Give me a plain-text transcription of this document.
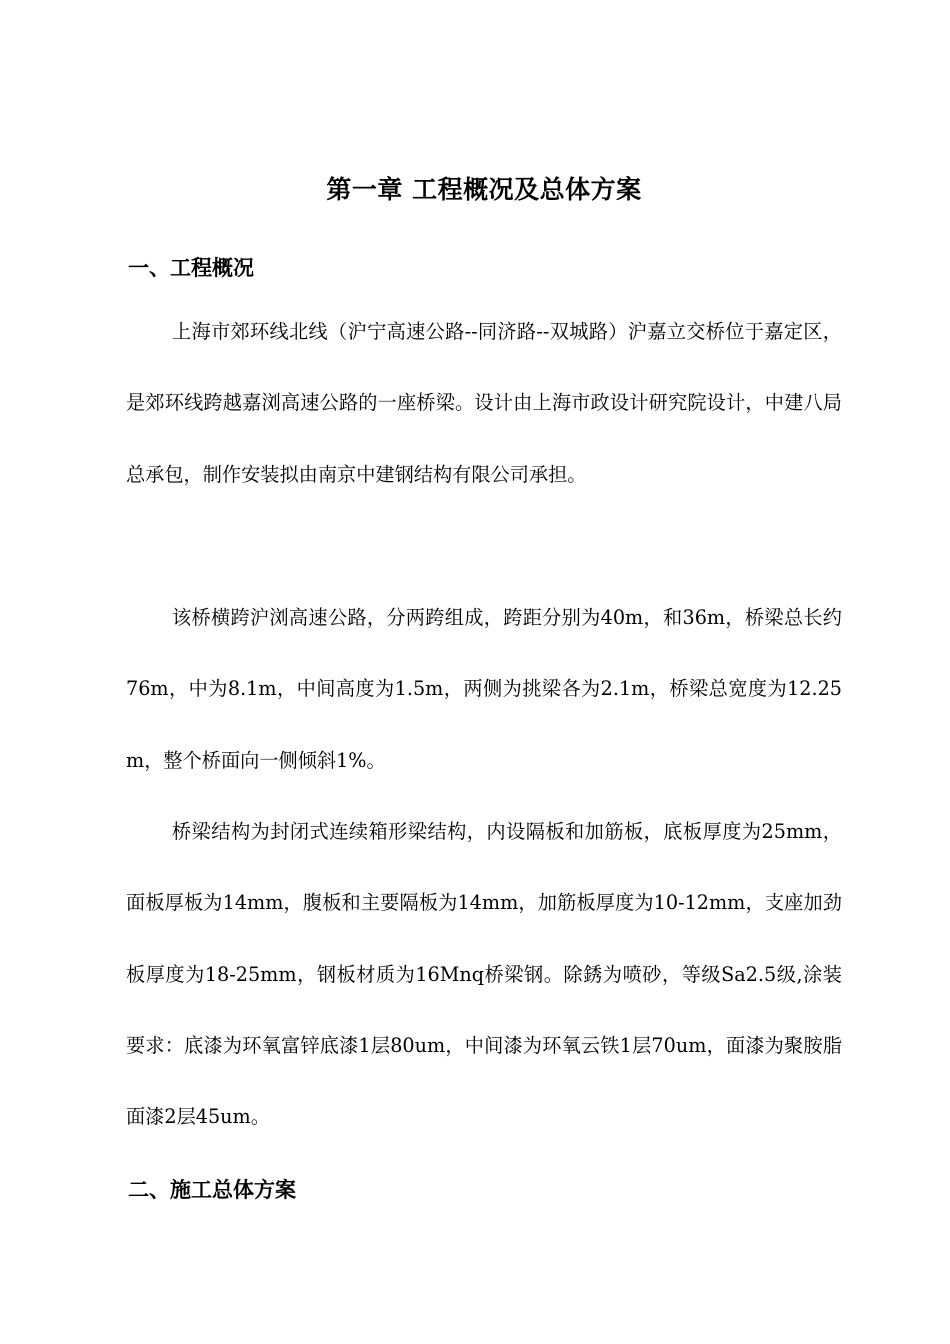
第一章 工程概况及总体方案
一、工程概况
上海市郊环线北线（沪宁高速公路--同济路--双城路）沪嘉立交桥位于嘉定区，是郊环线跨越嘉浏高速公路的一座桥梁。设计由上海市政设计研究院设计，中建八局总承包，制作安装拟由南京中建钢结构有限公司承担。
该桥横跨沪浏高速公路，分两跨组成，跨距分别为40m，和36m，桥梁总长约76m，中为8.1m，中间高度为1.5m，两侧为挑梁各为2.1m，桥梁总宽度为12.25m，整个桥面向一侧倾斜1%。
桥梁结构为封闭式连续箱形梁结构，内设隔板和加筋板，底板厚度为25mm，面板厚板为14mm，腹板和主要隔板为14mm，加筋板厚度为10-12mm，支座加劲板厚度为18-25mm，钢板材质为16Mnq桥梁钢。除銹为喷砂，等级Sa2.5级,涂装要求：底漆为环氧富锌底漆1层80um，中间漆为环氧云铁1层70um，面漆为聚胺脂面漆2层45um。
二、施工总体方案
